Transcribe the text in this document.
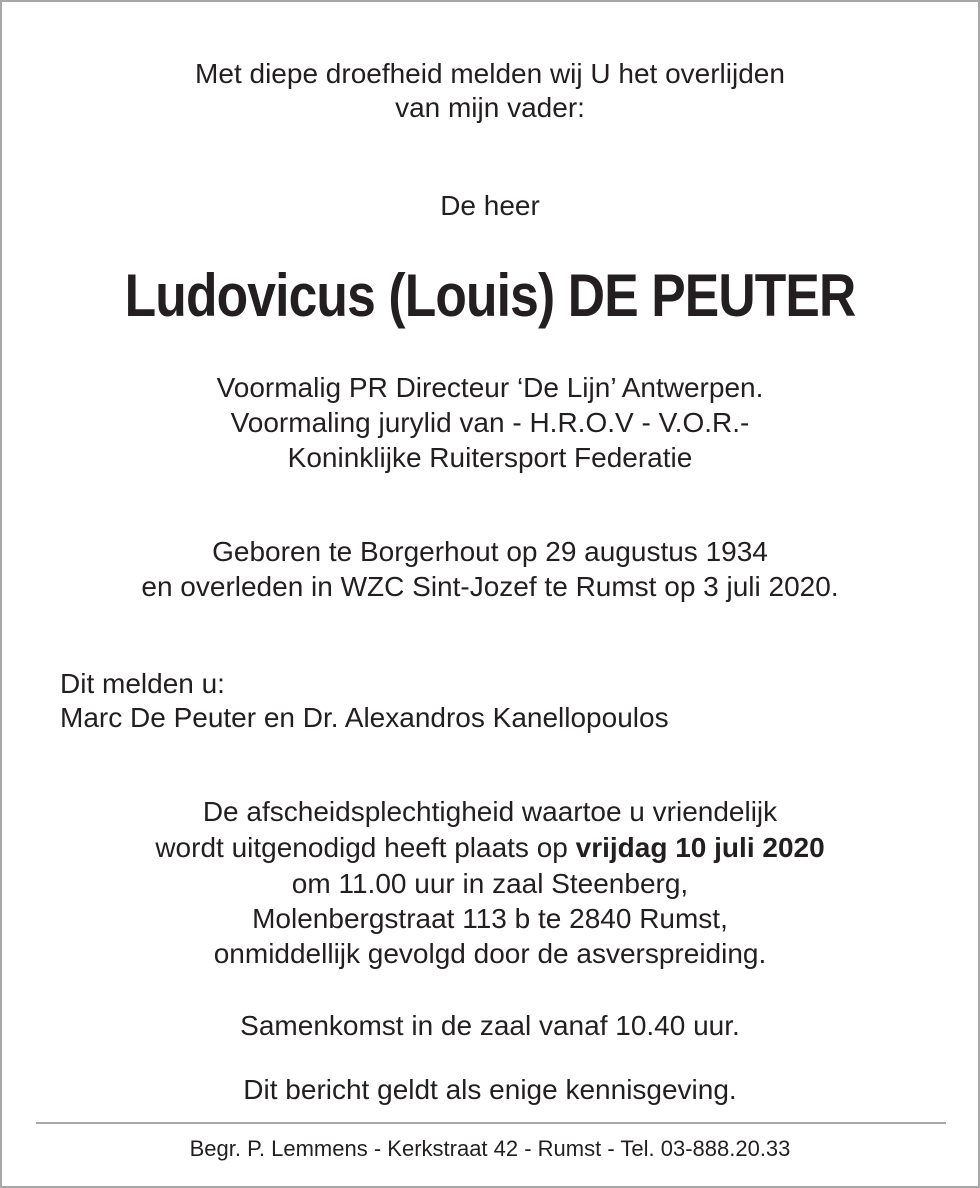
Met diepe droefheid melden wij U het overlijden
van mijn vader:
De heer
Ludovicus (Louis) DE PEUTER
Voormalig PR Directeur ‘De Lijn’ Antwerpen.
Voormaling jurylid van - H.R.O.V - V.O.R.-
Koninklijke Ruitersport Federatie
Geboren te Borgerhout op 29 augustus 1934
en overleden in WZC Sint-Jozef te Rumst op 3 juli 2020.
Dit melden u:
Marc De Peuter en Dr. Alexandros Kanellopoulos
De afscheidsplechtigheid waartoe u vriendelijk
wordt uitgenodigd heeft plaats op vrijdag 10 juli 2020
om 11.00 uur in zaal Steenberg,
Molenbergstraat 113 b te 2840 Rumst,
onmiddellijk gevolgd door de asverspreiding.
Samenkomst in de zaal vanaf 10.40 uur.
Dit bericht geldt als enige kennisgeving.
Begr. P. Lemmens - Kerkstraat 42 - Rumst - Tel. 03-888.20.33
